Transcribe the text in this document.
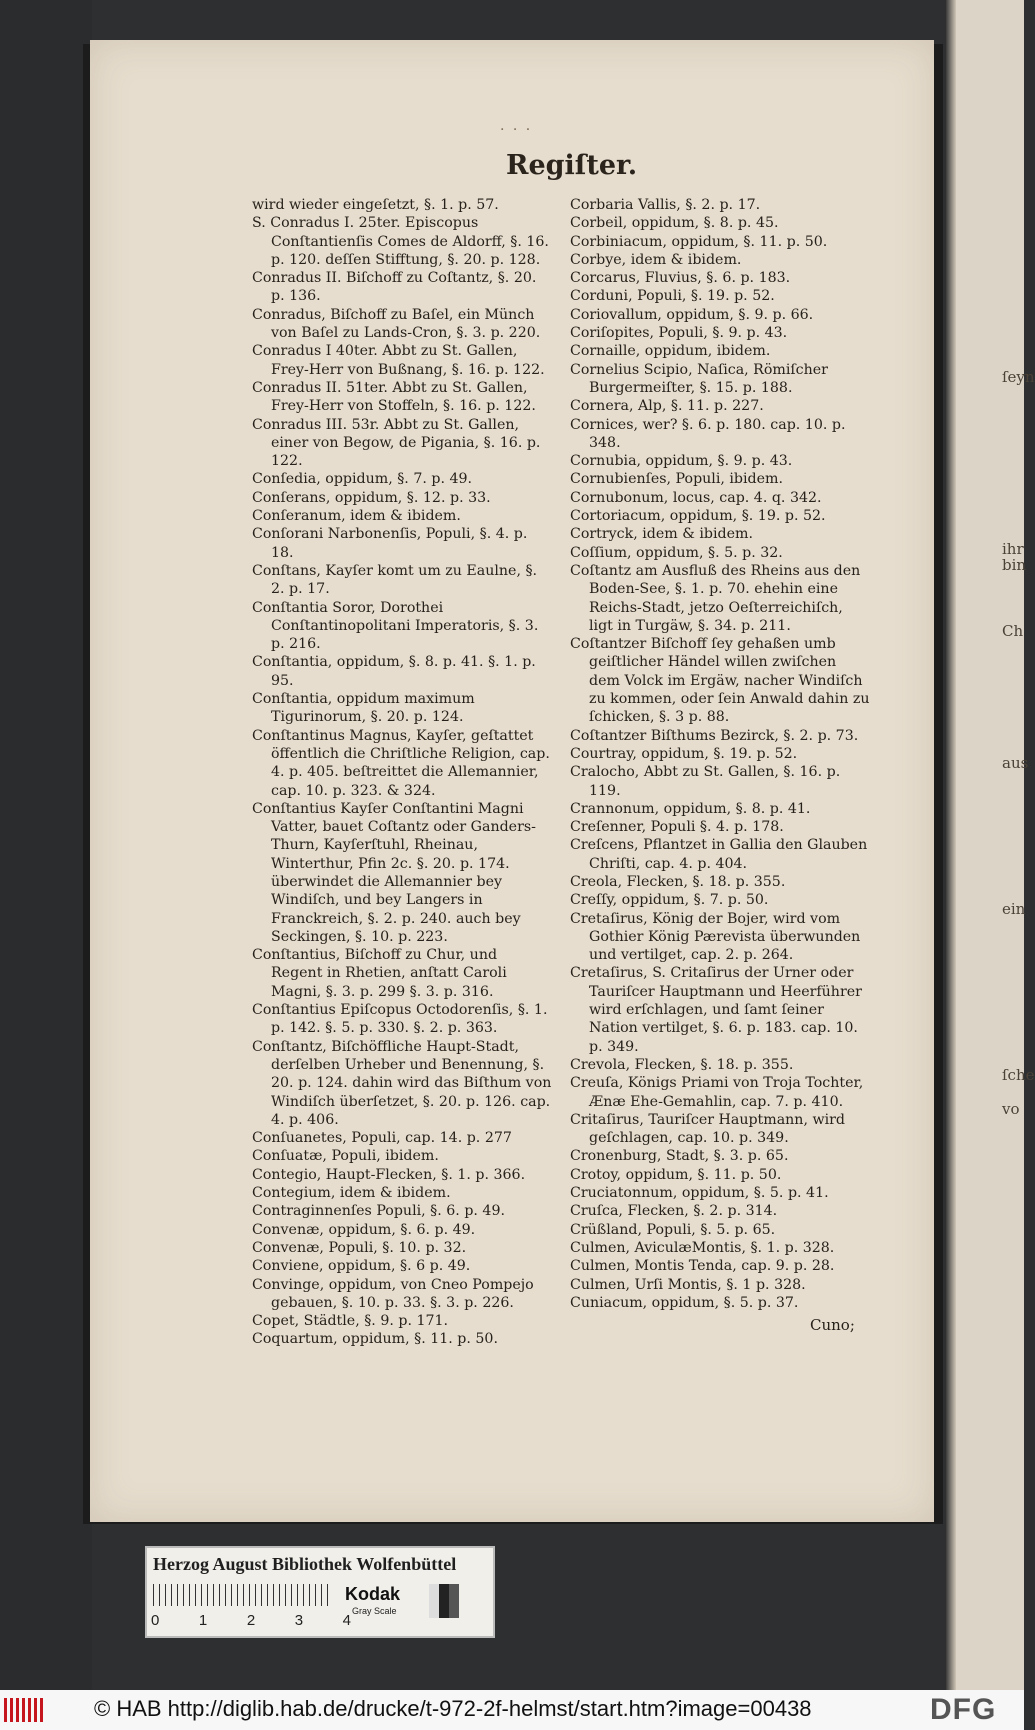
ſeyn
ihr
bin
Ch
aus
ein
ſche
vo
· · ·
Regiſter.

wird wieder eingeſetzt, §. 1. p. 57.

S. Conradus I. 25ter. Episcopus Conſtantienſis Comes de Aldorff, §. 16. p. 120. deſſen Stifftung, §. 20. p. 128.

Conradus II. Biſchoff zu Coſtantz, §. 20. p. 136.

Conradus, Biſchoff zu Baſel, ein Münch von Baſel zu Lands-Cron, §. 3. p. 220.

Conradus I 40ter. Abbt zu St. Gallen, Frey-Herr von Bußnang, §. 16. p. 122.

Conradus II. 51ter. Abbt zu St. Gallen, Frey-Herr von Stoffeln, §. 16. p. 122.

Conradus III. 53r. Abbt zu St. Gallen, einer von Begow, de Pigania, §. 16. p. 122.

Conſedia, oppidum, §. 7. p. 49.

Conſerans, oppidum, §. 12. p. 33.

Conſeranum, idem & ibidem.

Conſorani Narbonenſis, Populi, §. 4. p. 18.

Conſtans, Kayſer komt um zu Eaulne, §. 2. p. 17.

Conſtantia Soror, Dorothei Conſtantinopolitani Imperatoris, §. 3. p. 216.

Conſtantia, oppidum, §. 8. p. 41. §. 1. p. 95.

Conſtantia, oppidum maximum Tigurinorum, §. 20. p. 124.

Conſtantinus Magnus, Kayſer, geſtattet öffentlich die Chriſtliche Religion, cap. 4. p. 405. beſtreittet die Allemannier, cap. 10. p. 323. & 324.

Conſtantius Kayſer Conſtantini Magni Vatter, bauet Coſtantz oder Ganders-Thurn, Kayſerſtuhl, Rheinau, Winterthur, Pfin 2c. §. 20. p. 174. überwindet die Allemannier bey Windiſch, und bey Langers in Franckreich, §. 2. p. 240. auch bey Seckingen, §. 10. p. 223.

Conſtantius, Biſchoff zu Chur, und Regent in Rhetien, anſtatt Caroli Magni, §. 3. p. 299 §. 3. p. 316.

Conſtantius Epiſcopus Octodorenſis, §. 1. p. 142. §. 5. p. 330. §. 2. p. 363.

Conſtantz, Biſchöffliche Haupt-Stadt, derſelben Urheber und Benennung, §. 20. p. 124. dahin wird das Biſthum von Windiſch überſetzet, §. 20. p. 126. cap. 4. p. 406.

Conſuanetes, Populi, cap. 14. p. 277

Conſuatæ, Populi, ibidem.

Contegio, Haupt-Flecken, §. 1. p. 366.

Contegium, idem & ibidem.

Contraginnenſes Populi, §. 6. p. 49.

Convenæ, oppidum, §. 6. p. 49.

Convenæ, Populi, §. 10. p. 32.

Conviene, oppidum, §. 6 p. 49.

Convinge, oppidum, von Cneo Pompejo gebauen, §. 10. p. 33. §. 3. p. 226.

Copet, Städtle, §. 9. p. 171.

Coquartum, oppidum, §. 11. p. 50.

Corbaria Vallis, §. 2. p. 17.

Corbeil, oppidum, §. 8. p. 45.

Corbiniacum, oppidum, §. 11. p. 50.

Corbye, idem & ibidem.

Corcarus, Fluvius, §. 6. p. 183.

Corduni, Populi, §. 19. p. 52.

Coriovallum, oppidum, §. 9. p. 66.

Coriſopites, Populi, §. 9. p. 43.

Cornaille, oppidum, ibidem.

Cornelius Scipio, Naſica, Römiſcher Burgermeiſter, §. 15. p. 188.

Cornera, Alp, §. 11. p. 227.

Cornices, wer? §. 6. p. 180. cap. 10. p. 348.

Cornubia, oppidum, §. 9. p. 43.

Cornubienſes, Populi, ibidem.

Cornubonum, locus, cap. 4. q. 342.

Cortoriacum, oppidum, §. 19. p. 52.

Cortryck, idem & ibidem.

Coſſium, oppidum, §. 5. p. 32.

Coſtantz am Ausfluß des Rheins aus den Boden-See, §. 1. p. 70. ehehin eine Reichs-Stadt, jetzo Oeſterreichiſch, ligt in Turgäw, §. 34. p. 211.

Coſtantzer Biſchoff ſey gehaßen umb geiſtlicher Händel willen zwiſchen dem Volck im Ergäw, nacher Windiſch zu kommen, oder ſein Anwald dahin zu ſchicken, §. 3 p. 88.

Coſtantzer Biſthums Bezirck, §. 2. p. 73.

Courtray, oppidum, §. 19. p. 52.

Cralocho, Abbt zu St. Gallen, §. 16. p. 119.

Crannonum, oppidum, §. 8. p. 41.

Creſenner, Populi §. 4. p. 178.

Creſcens, Pflantzet in Gallia den Glauben Chriſti, cap. 4. p. 404.

Creola, Flecken, §. 18. p. 355.

Creſſy, oppidum, §. 7. p. 50.

Cretaſirus, König der Bojer, wird vom Gothier König Pærevista überwunden und vertilget, cap. 2. p. 264.

Cretaſirus, S. Critaſirus der Urner oder Tauriſcer Hauptmann und Heerführer wird erſchlagen, und ſamt ſeiner Nation vertilget, §. 6. p. 183. cap. 10. p. 349.

Crevola, Flecken, §. 18. p. 355.

Creuſa, Königs Priami von Troja Tochter, Ænæ Ehe-Gemahlin, cap. 7. p. 410.

Critaſirus, Tauriſcer Hauptmann, wird geſchlagen, cap. 10. p. 349.

Cronenburg, Stadt, §. 3. p. 65.

Crotoy, oppidum, §. 11. p. 50.

Cruciatonnum, oppidum, §. 5. p. 41.

Cruſca, Flecken, §. 2. p. 314.

Crüßland, Populi, §. 5. p. 65.

Culmen, AviculæMontis, §. 1. p. 328.

Culmen, Montis Tenda, cap. 9. p. 28.

Culmen, Urſi Montis, §. 1 p. 328.

Cuniacum, oppidum, §. 5. p. 37.

Cuno;
Herzog August Bibliothek Wolfenbüttel
0	1	2	3	4
Kodak
Gray Scale
© HAB http://diglib.hab.de/drucke/t-972-2f-helmst/start.htm?image=00438	DFG
